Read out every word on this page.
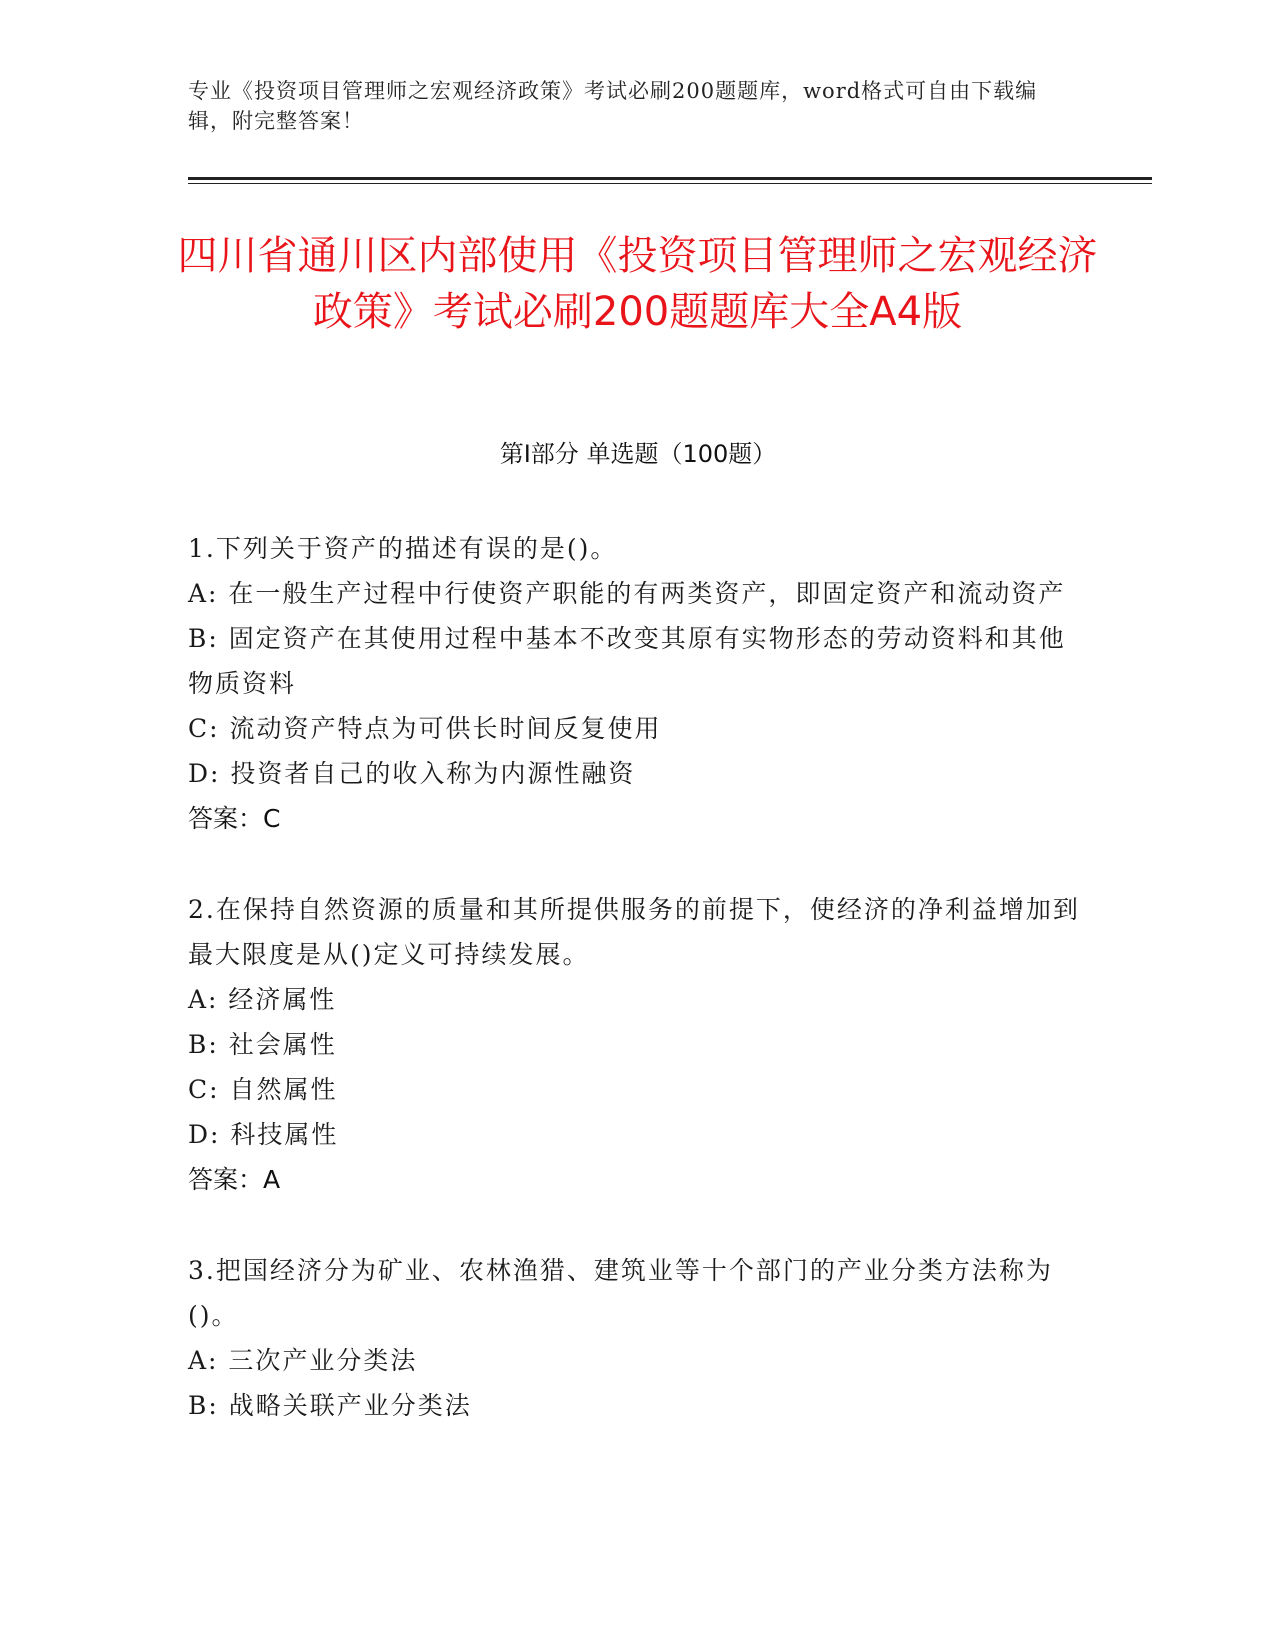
专业《投资项目管理师之宏观经济政策》考试必刷200题题库，word格式可自由下载编辑，附完整答案！
四川省通川区内部使用《投资项目管理师之宏观经济政策》考试必刷200题题库大全A4版
第I部分 单选题（100题）
1.下列关于资产的描述有误的是()。
A: 在一般生产过程中行使资产职能的有两类资产，即固定资产和流动资产
B: 固定资产在其使用过程中基本不改变其原有实物形态的劳动资料和其他物质资料
C: 流动资产特点为可供长时间反复使用
D: 投资者自己的收入称为内源性融资
答案：C
2.在保持自然资源的质量和其所提供服务的前提下，使经济的净利益增加到最大限度是从()定义可持续发展。
A: 经济属性
B: 社会属性
C: 自然属性
D: 科技属性
答案：A
3.把国经济分为矿业、农林渔猎、建筑业等十个部门的产业分类方法称为()。
A: 三次产业分类法
B: 战略关联产业分类法
